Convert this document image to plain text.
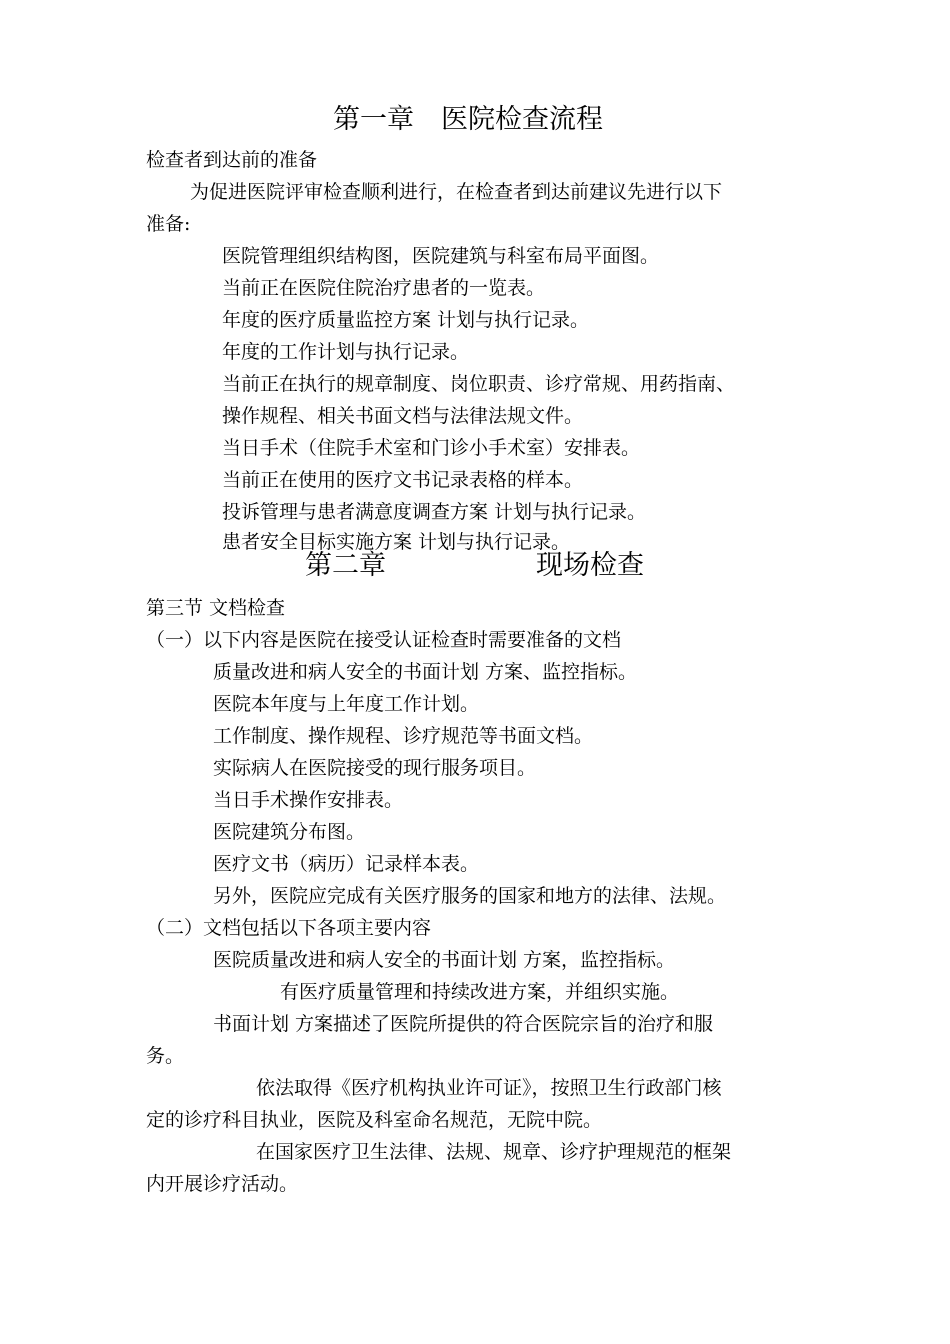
第一章　医院检查流程
检查者到达前的准备
为促进医院评审检查顺利进行，在检查者到达前建议先进行以下
准备:
医院管理组织结构图，医院建筑与科室布局平面图。
当前正在医院住院治疗患者的一览表。
年度的医疗质量监控方案 计划与执行记录。
年度的工作计划与执行记录。
当前正在执行的规章制度、岗位职责、诊疗常规、用药指南、
操作规程、相关书面文档与法律法规文件。
当日手术（住院手术室和门诊小手术室）安排表。
当前正在使用的医疗文书记录表格的样本。
投诉管理与患者满意度调查方案 计划与执行记录。
患者安全目标实施方案 计划与执行记录。
第二章	现场检查
第三节 文档检查
（一）以下内容是医院在接受认证检查时需要准备的文档
质量改进和病人安全的书面计划 方案、监控指标。
医院本年度与上年度工作计划。
工作制度、操作规程、诊疗规范等书面文档。
实际病人在医院接受的现行服务项目。
当日手术操作安排表。
医院建筑分布图。
医疗文书（病历）记录样本表。
另外，医院应完成有关医疗服务的国家和地方的法律、法规。
（二）文档包括以下各项主要内容
医院质量改进和病人安全的书面计划 方案，监控指标。
有医疗质量管理和持续改进方案，并组织实施。
书面计划 方案描述了医院所提供的符合医院宗旨的治疗和服
务。
依法取得《医疗机构执业许可证》，按照卫生行政部门核
定的诊疗科目执业，医院及科室命名规范，无院中院。
在国家医疗卫生法律、法规、规章、诊疗护理规范的框架
内开展诊疗活动。
